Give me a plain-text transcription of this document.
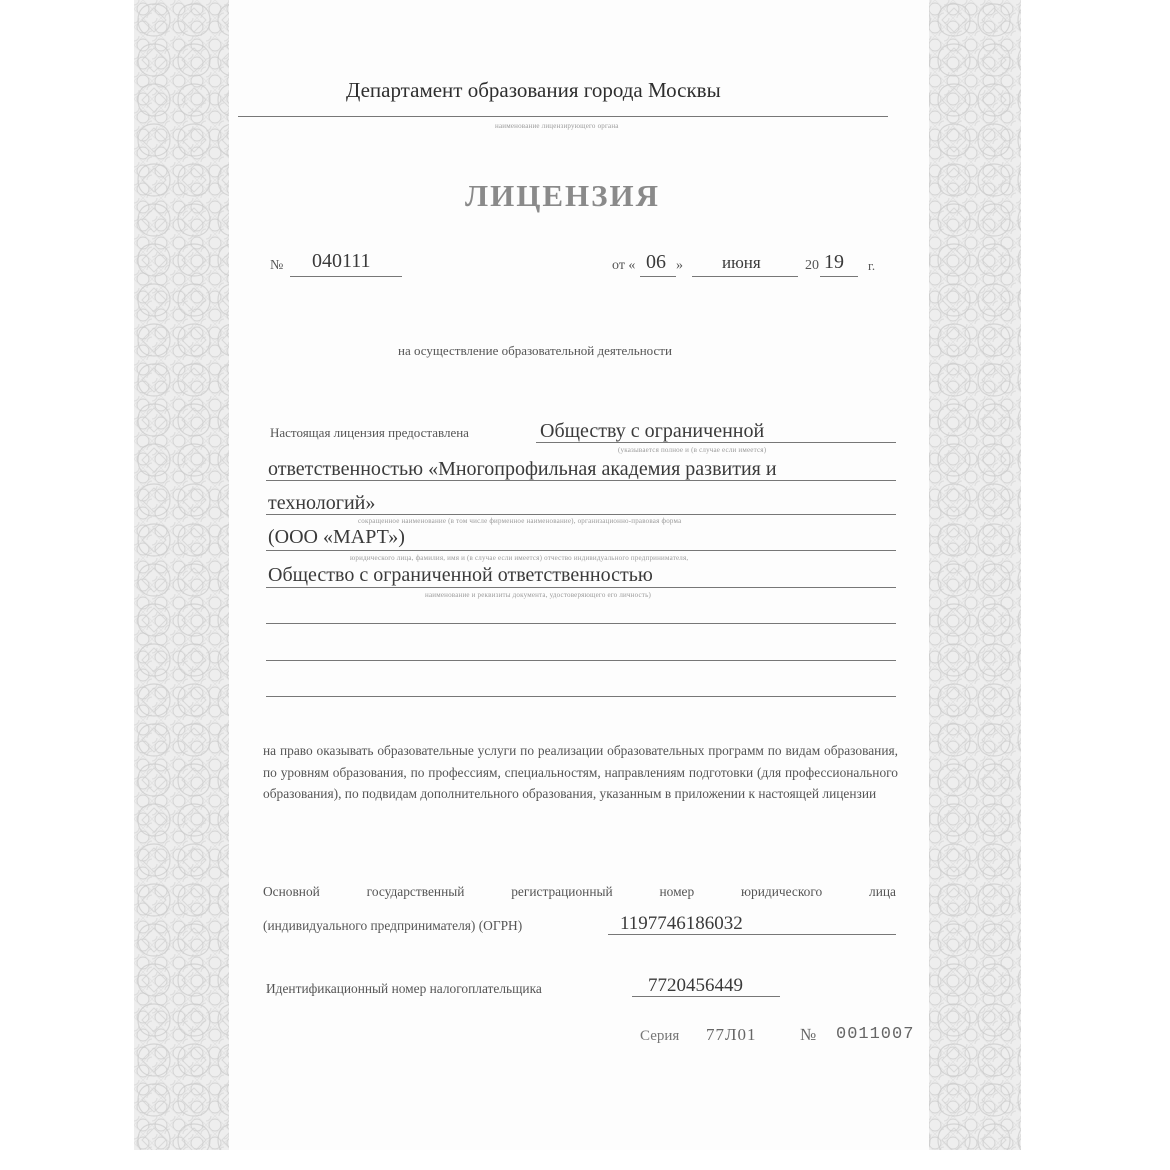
Департамент образования города Москвы
наименование лицензирующего органа
ЛИЦЕНЗИЯ
№ 040111	от « 06 » июня	20 19 г.
на осуществление образовательной деятельности
Настоящая лицензия предоставлена	Обществу с ограниченной
(указывается полное и (в случае если имеется)
ответственностью «Многопрофильная академия развития и
технологий»
сокращенное наименование (в том числе фирменное наименование), организационно-правовая форма
(ООО «МАРТ»)
юридического лица, фамилия, имя и (в случае если имеется) отчество индивидуального предпринимателя,
Общество с ограниченной ответственностью
наименование и реквизиты документа, удостоверяющего его личность)
на право оказывать образовательные услуги по реализации образовательных программ по видам образования, по уровням образования, по профессиям, специальностям, направлениям подготовки (для профессионального образования), по подвидам дополнительного образования, указанным в приложении к настоящей лицензии
Основной государственный регистрационный номер юридического лица
(индивидуального предпринимателя) (ОГРН)	1197746186032
Идентификационный номер налогоплательщика	7720456449
Серия 77Л01	№ 0011007
